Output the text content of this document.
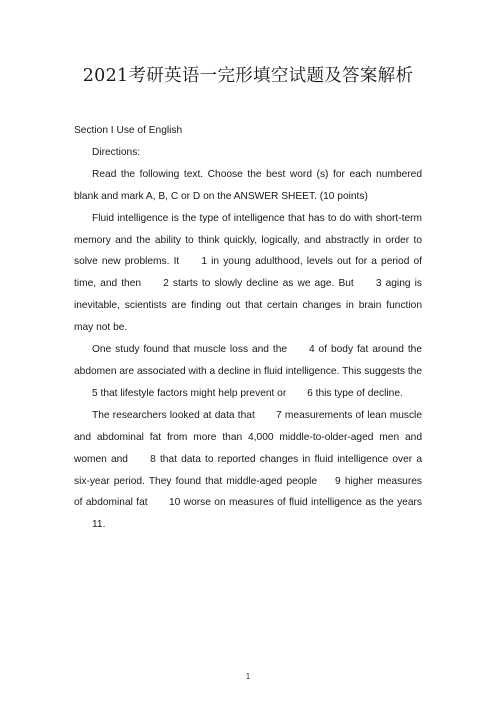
2021考研英语一完形填空试题及答案解析

Section I Use of English

Directions:

Read the following text. Choose the best word (s) for each numbered blank and mark A, B, C or D on the ANSWER SHEET. (10 points)

Fluid intelligence is the type of intelligence that has to do with short-term memory and the ability to think quickly, logically, and abstractly in order to solve new problems. It 1 in young adulthood, levels out for a period of time, and then 2 starts to slowly decline as we age. But 3 aging is inevitable, scientists are finding out that certain changes in brain function may not be.

One study found that muscle loss and the 4 of body fat around the abdomen are associated with a decline in fluid intelligence. This suggests the 5 that lifestyle factors might help prevent or 6 this type of decline.

The researchers looked at data that 7 measurements of lean muscle and abdominal fat from more than 4,000 middle-to-older-aged men and women and 8 that data to reported changes in fluid intelligence over a six-year period. They found that middle-aged people 9 higher measures of abdominal fat 10 worse on measures of fluid intelligence as the years 11.

1
